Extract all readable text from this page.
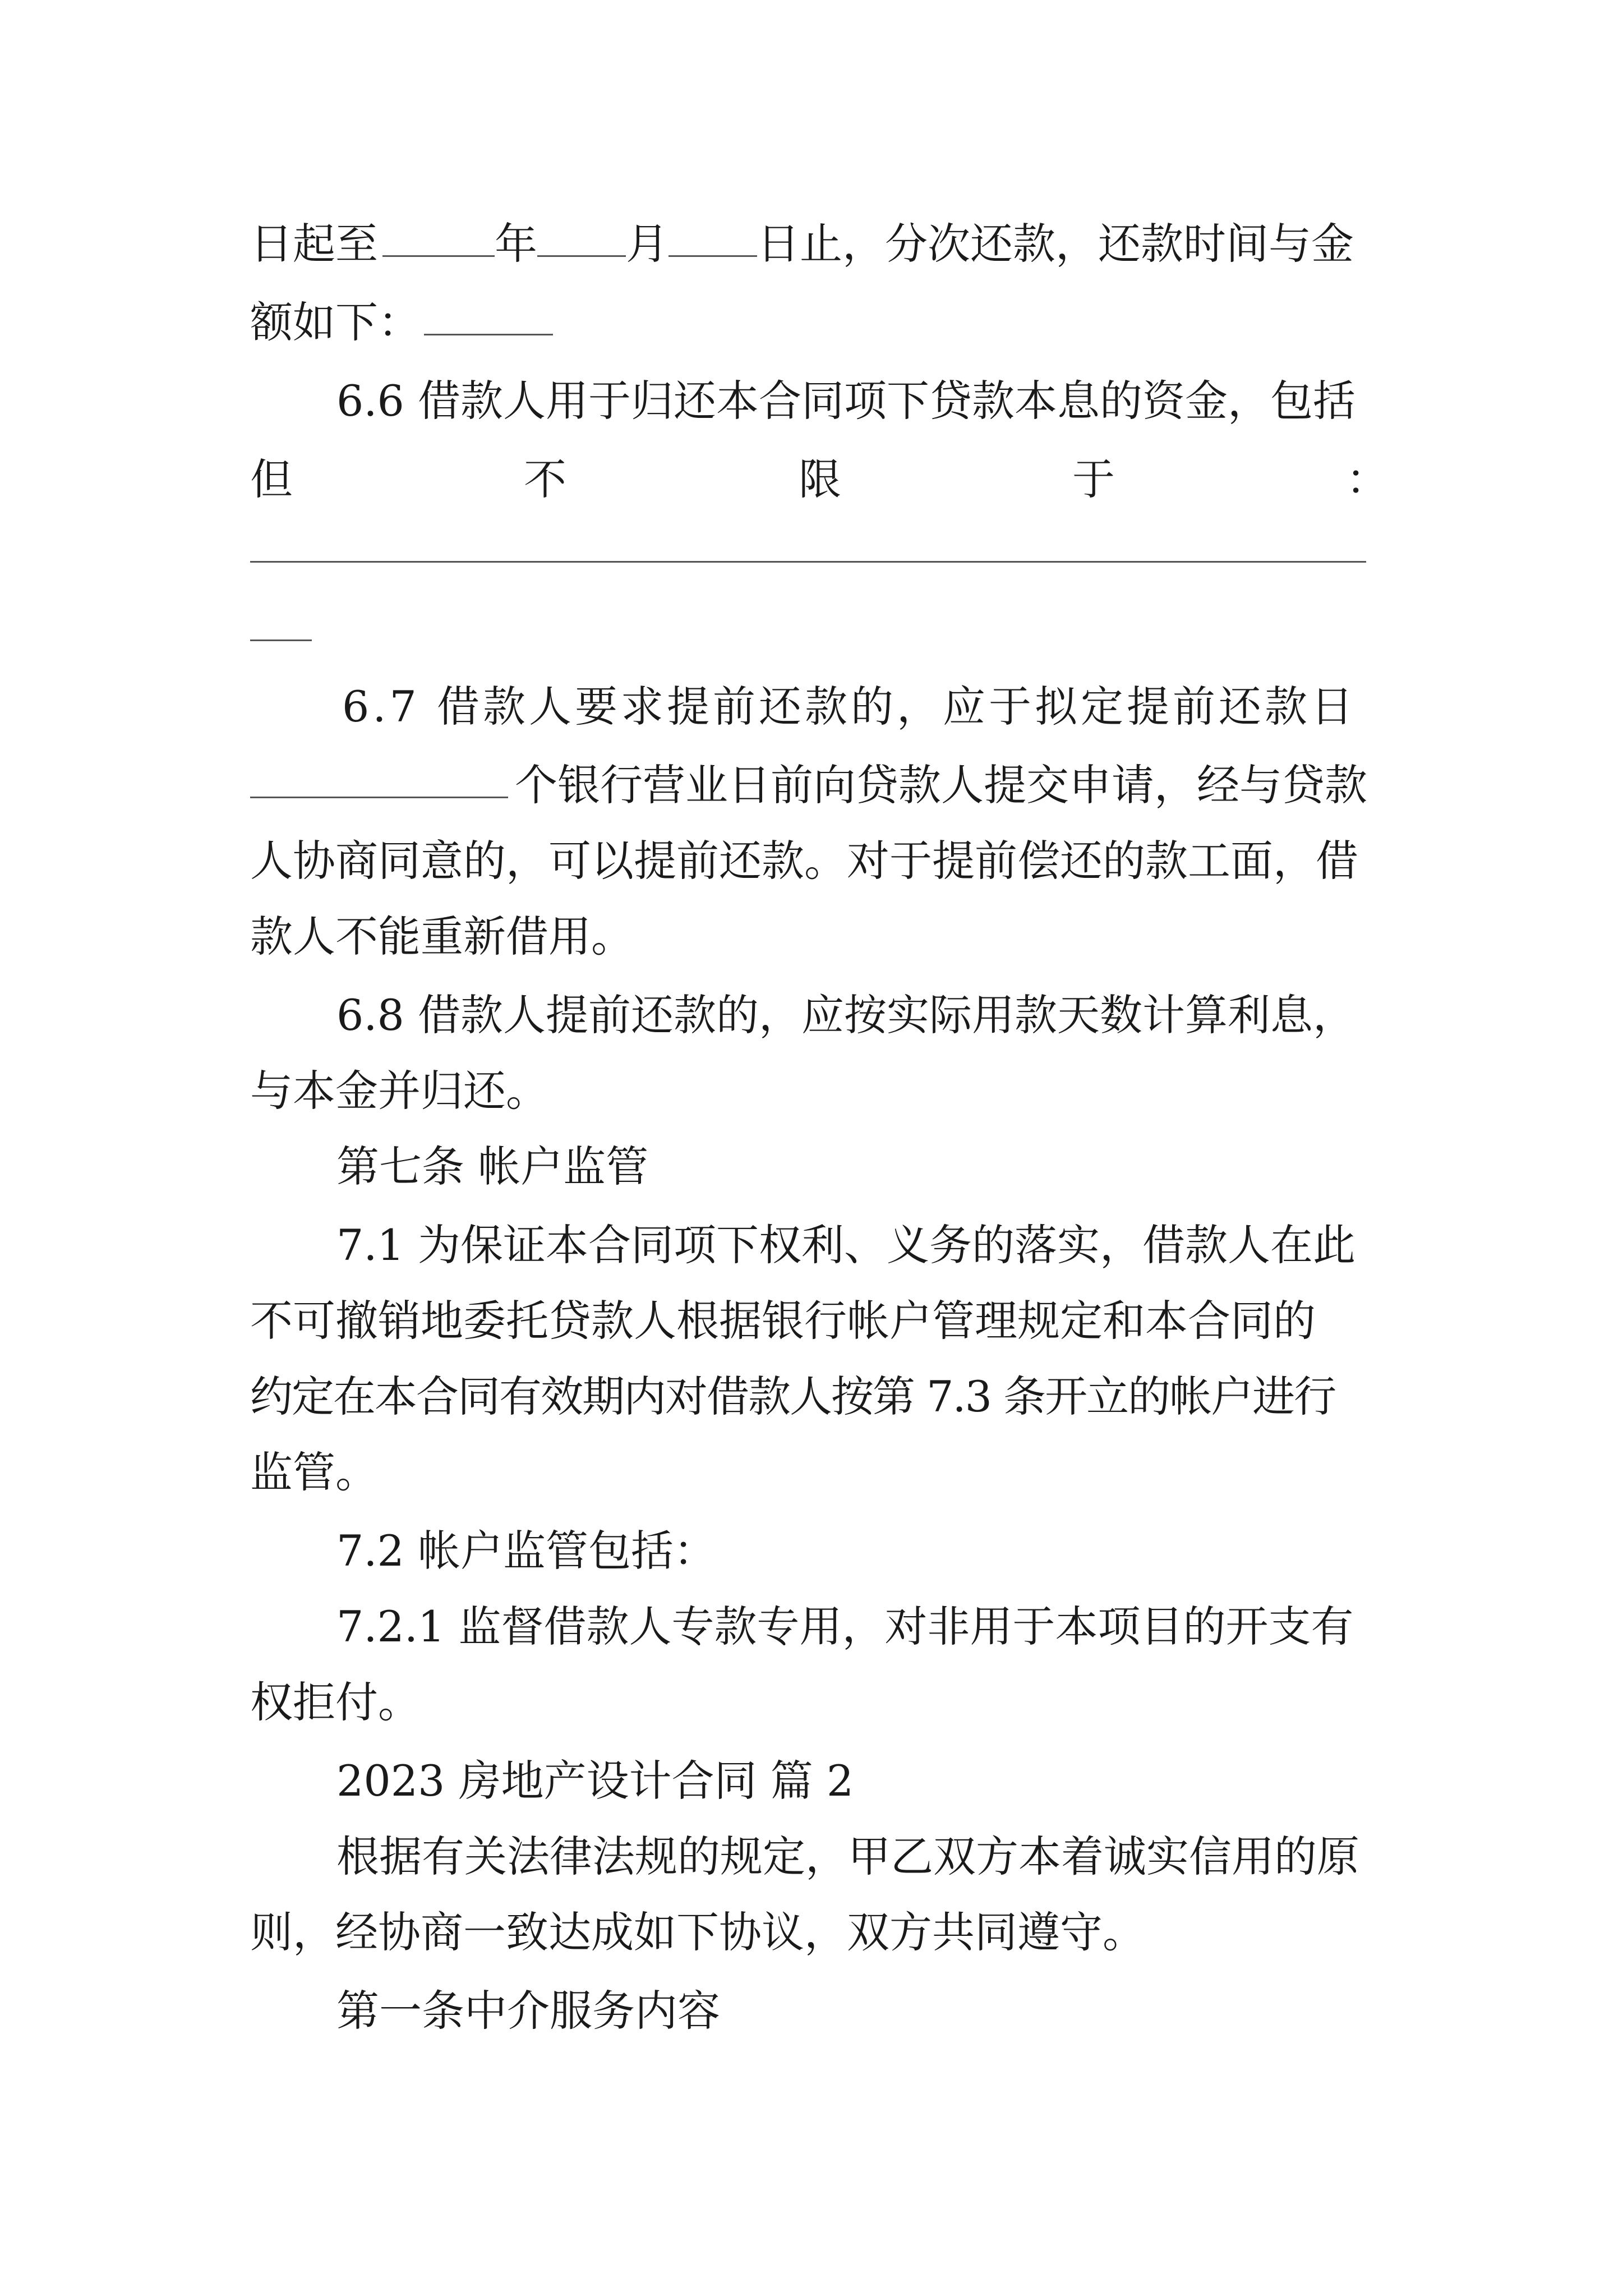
日起至	年 月 日止，分次还款，还款时间与金
额如下：
6.6 借款人用于归还本合同项下贷款本息的资金，包括
但	不	限	于	：
6.7 借款人要求提前还款的，应于拟定提前还款日
个银行营业日前向贷款人提交申请，经与贷款
人协商同意的，可以提前还款。对于提前偿还的款工面，借
款人不能重新借用。
6.8 借款人提前还款的，应按实际用款天数计算利息，
与本金并归还。
第七条 帐户监管
7.1 为保证本合同项下权利、义务的落实，借款人在此
不可撤销地委托贷款人根据银行帐户管理规定和本合同的
约定在本合同有效期内对借款人按第 7.3 条开立的帐户进行
监管。
7.2 帐户监管包括：
7.2.1 监督借款人专款专用，对非用于本项目的开支有
权拒付。
2023 房地产设计合同 篇 2
根据有关法律法规的规定，甲乙双方本着诚实信用的原
则，经协商一致达成如下协议，双方共同遵守。
第一条中介服务内容
